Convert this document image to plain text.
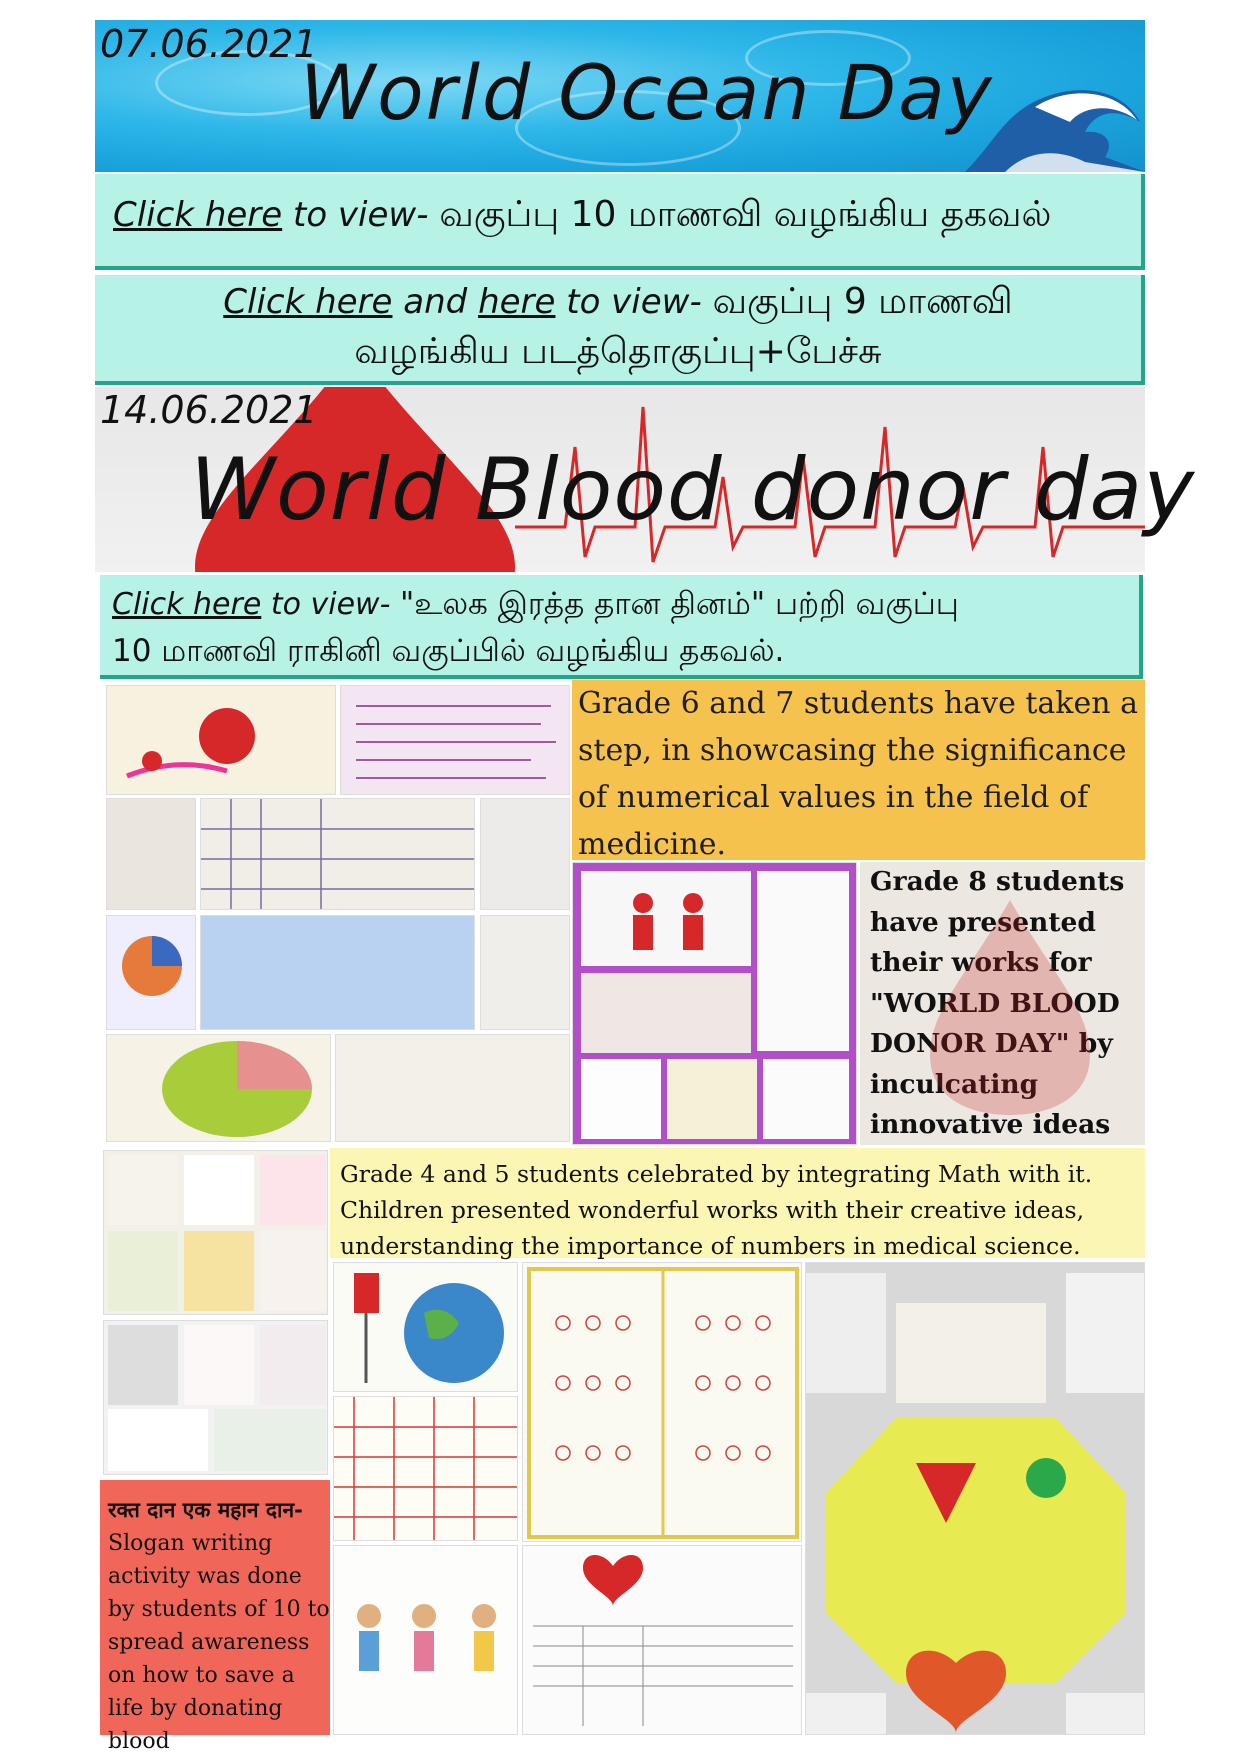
07.06.2021
World Ocean Day
Click here to view- வகுப்பு 10 மாணவி வழங்கிய தகவல்
Click here and here to view- வகுப்பு 9 மாணவி
வழங்கிய படத்தொகுப்பு+பேச்சு
14.06.2021
World Blood donor day
Click here to view- "உலக இரத்த தான தினம்" பற்றி வகுப்பு
10 மாணவி ராகினி வகுப்பில் வழங்கிய தகவல்.
Grade 6 and 7 students have taken a step, in showcasing the significance of numerical values in the field of medicine.
Grade 8 students have presented their works for "WORLD BLOOD DONOR DAY" by inculcating innovative ideas
Grade 4 and 5 students celebrated by integrating Math with it. Children presented wonderful works with their creative ideas, understanding the importance of numbers in medical science.
रक्त दान एक महान दान-
Slogan writing activity was done by students of 10 to spread awareness on how to save a life by donating blood
